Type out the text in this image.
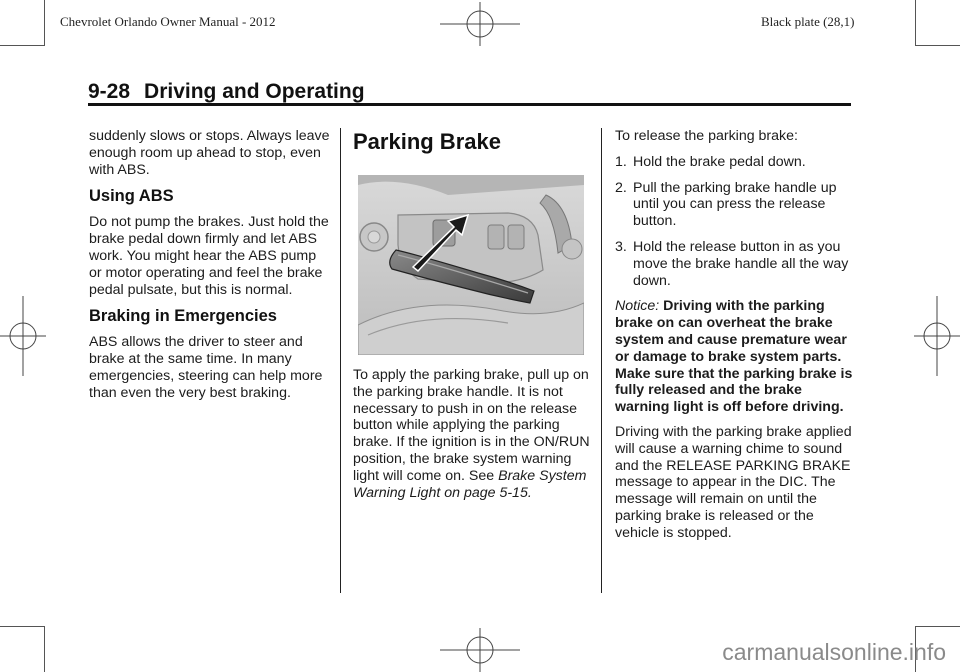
Chevrolet Orlando Owner Manual - 2012	Black plate (28,1)
9-28 Driving and Operating

suddenly slows or stops. Always leave enough room up ahead to stop, even with ABS.

Using ABS

Do not pump the brakes. Just hold the brake pedal down firmly and let ABS work. You might hear the ABS pump or motor operating and feel the brake pedal pulsate, but this is normal.

Braking in Emergencies

ABS allows the driver to steer and brake at the same time. In many emergencies, steering can help more than even the very best braking.

Parking Brake

To apply the parking brake, pull up on the parking brake handle. It is not necessary to push in on the release button while applying the parking brake. If the ignition is in the ON/RUN position, the brake system warning light will come on. See Brake System Warning Light on page 5-15.

To release the parking brake:

1. Hold the brake pedal down.
2. Pull the parking brake handle up until you can press the release button.
3. Hold the release button in as you move the brake handle all the way down.

Notice: Driving with the parking brake on can overheat the brake system and cause premature wear or damage to brake system parts. Make sure that the parking brake is fully released and the brake warning light is off before driving.

Driving with the parking brake applied will cause a warning chime to sound and the RELEASE PARKING BRAKE message to appear in the DIC. The message will remain on until the parking brake is released or the vehicle is stopped.

carmanualsonline.info
